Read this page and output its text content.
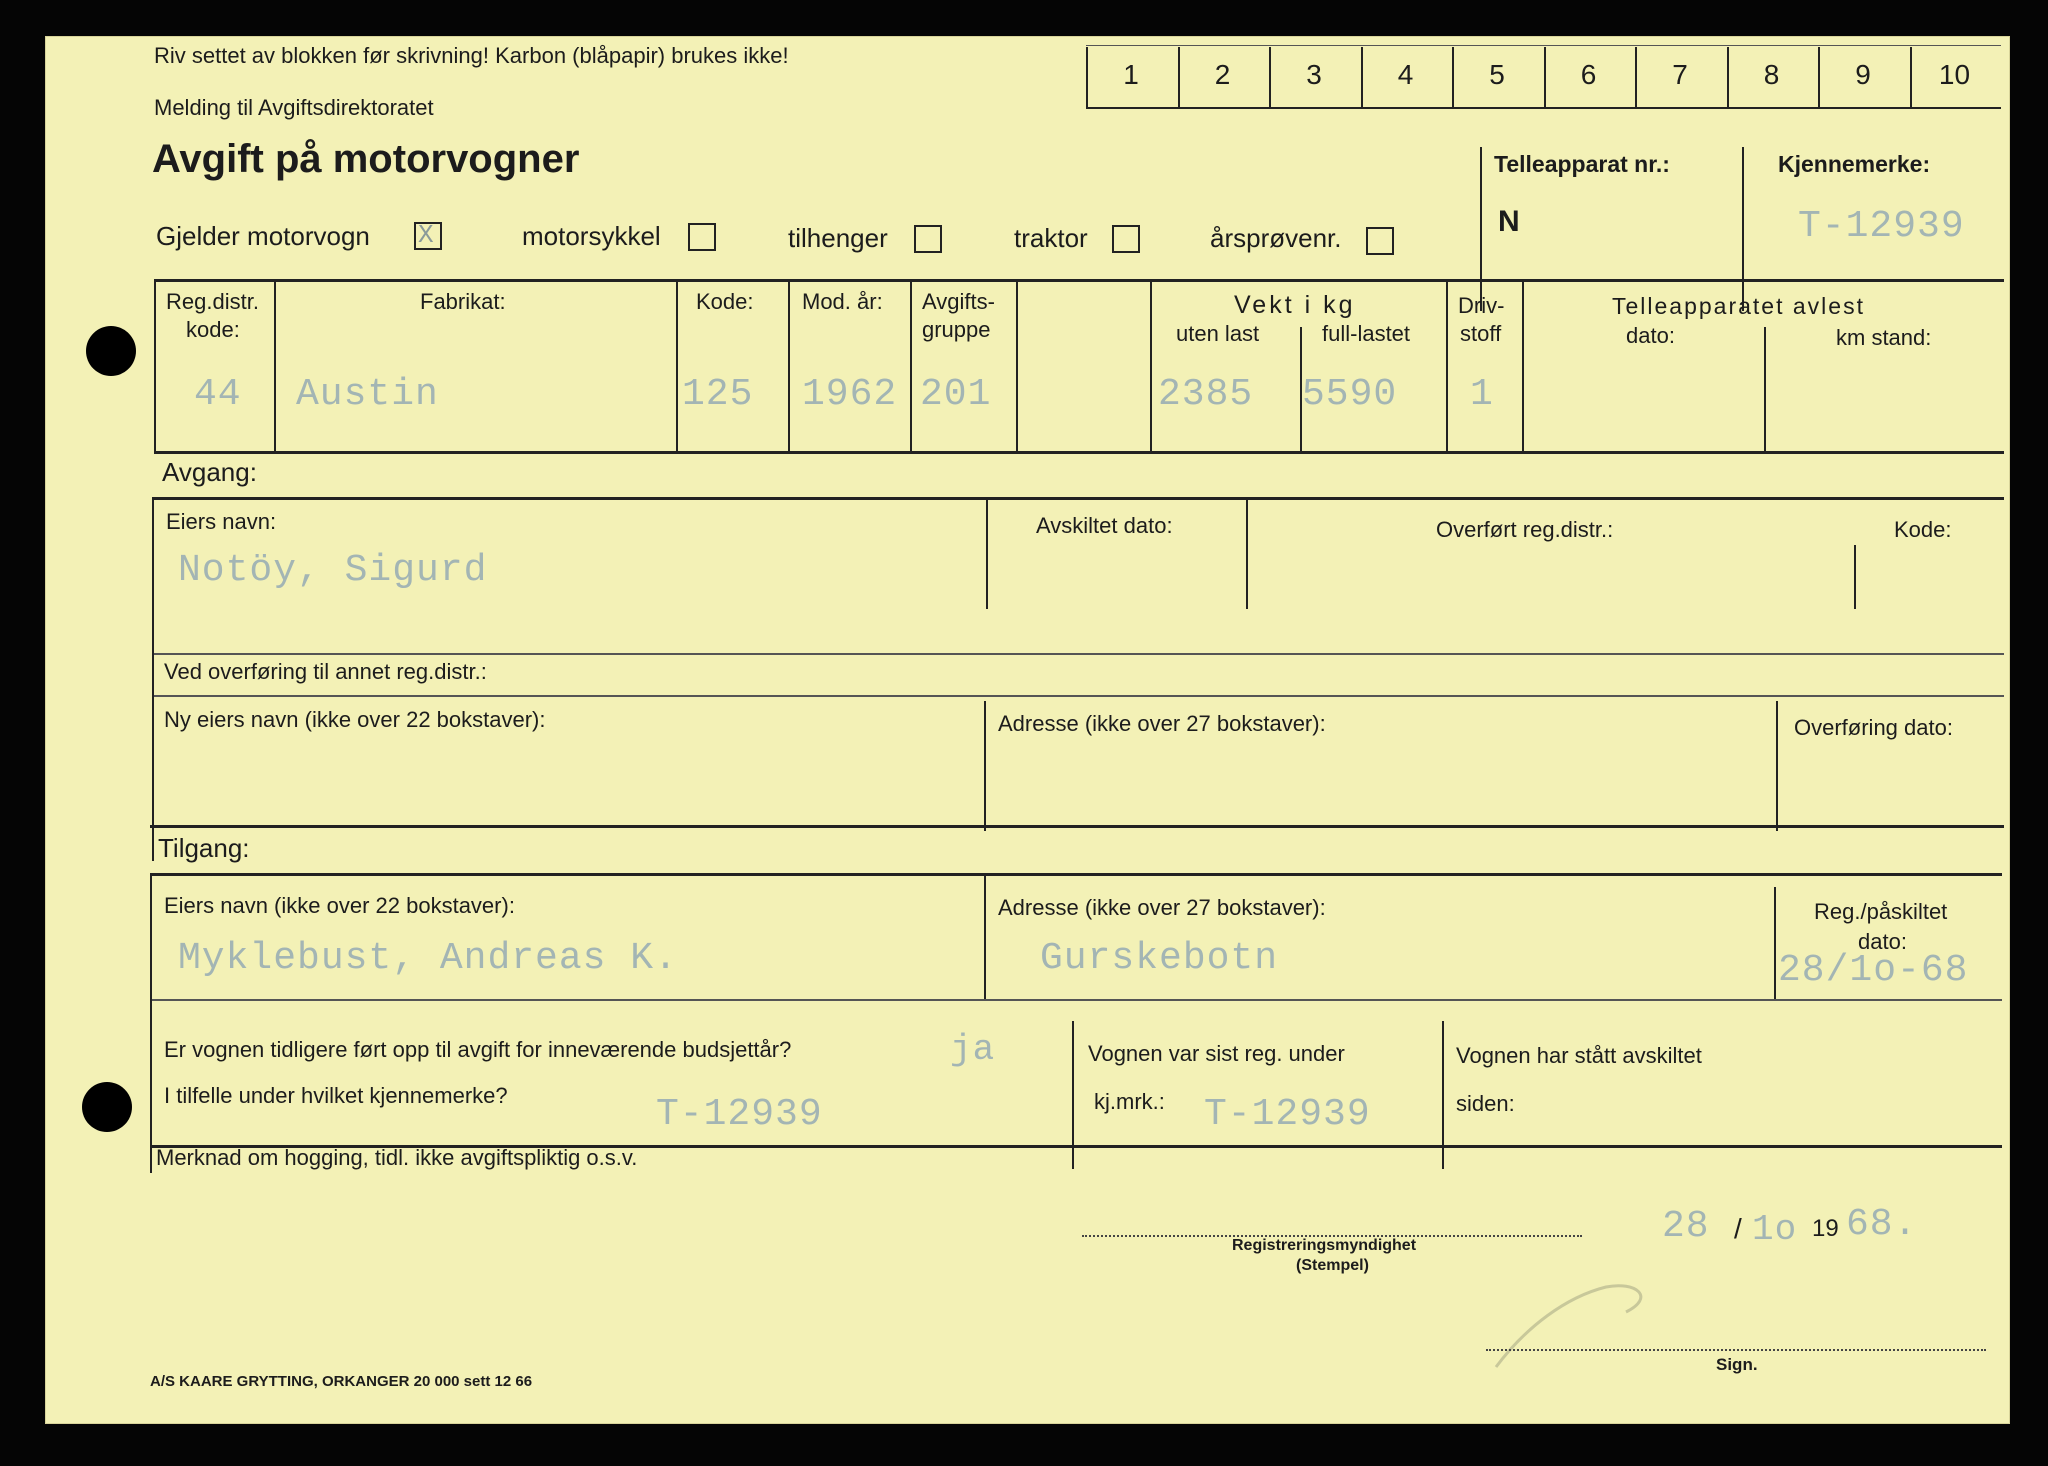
Riv settet av blokken før skrivning! Karbon (blåpapir) brukes ikke!
Melding til Avgiftsdirektoratet
Avgift på motorvogner
1	2	3	4	5	6	7	8	9	10
Gjelder motorvogn X	motorsykkel	tilhenger	traktor	årsprøvenr.
Telleapparat nr.:
N
Kjennemerke:
T-12939
Reg.distr.
kode:
44
Fabrikat:
Austin
Kode:
125
Mod. år:
1962
Avgifts-
gruppe
201
Vekt i kg
uten last	full-lastet
2385 5590
Driv-
stoff
1
Telleapparatet avlest
dato:	km stand:
Avgang:
Eiers navn:
Notöy, Sigurd
Avskiltet dato:	Overført reg.distr.:	Kode:
Ved overføring til annet reg.distr.:
Ny eiers navn (ikke over 22 bokstaver):	Adresse (ikke over 27 bokstaver):	Overføring dato:
Tilgang:
Eiers navn (ikke over 22 bokstaver):
Myklebust, Andreas K.
Adresse (ikke over 27 bokstaver):
Gurskebotn
Reg./påskiltet
dato:
28/1o-68
Er vognen tidligere ført opp til avgift for inneværende budsjettår?	ja
I tilfelle under hvilket kjennemerke?	T-12939
Vognen var sist reg. under
kj.mrk.: T-12939
Vognen har stått avskiltet
siden:
Merknad om hogging, tidl. ikke avgiftspliktig o.s.v.
Registreringsmyndighet
(Stempel)
28 / 1o 19 68.
Sign.
A/S KAARE GRYTTING, ORKANGER 20 000 sett 12 66
